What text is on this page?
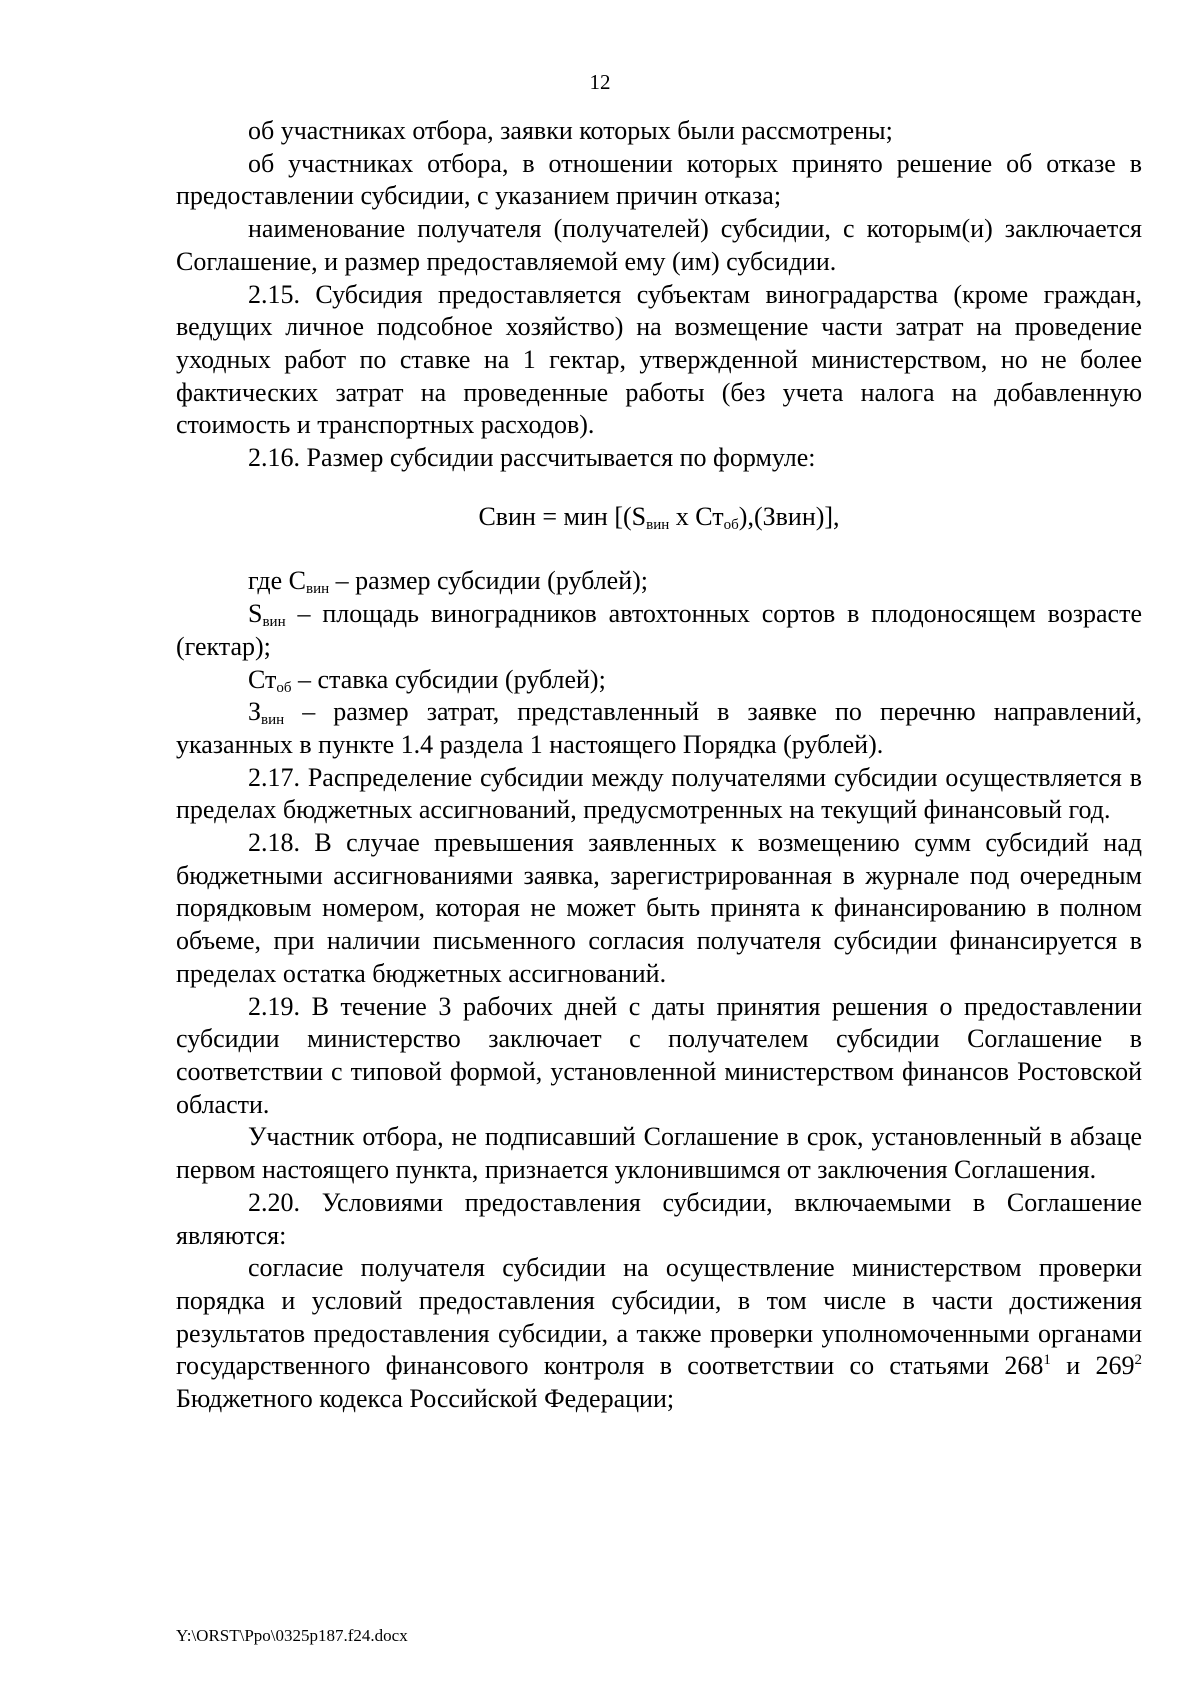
12

об участниках отбора, заявки которых были рассмотрены;

об участниках отбора, в отношении которых принято решение об отказе в предоставлении субсидии, с указанием причин отказа;

наименование получателя (получателей) субсидии, с которым(и) заключается Соглашение, и размер предоставляемой ему (им) субсидии.

2.15. Субсидия предоставляется субъектам виноградарства (кроме граждан, ведущих личное подсобное хозяйство) на возмещение части затрат на проведение уходных работ по ставке на 1 гектар, утвержденной министерством, но не более фактических затрат на проведенные работы (без учета налога на добавленную стоимость и транспортных расходов).

2.16. Размер субсидии рассчитывается по формуле:

Свин = мин [($S_{вин}$ х $Ст_{об}),(Звин)$],

где $С_{вин}$ – размер субсидии (рублей);

$S_{вин}$ – площадь виноградников автохтонных сортов в плодоносящем возрасте (гектар);

$Ст_{об}$ – ставка субсидии (рублей);

$З_{вин}$ – размер затрат, представленный в заявке по перечню направлений, указанных в пункте 1.4 раздела 1 настоящего Порядка (рублей).

2.17. Распределение субсидии между получателями субсидии осуществляется в пределах бюджетных ассигнований, предусмотренных на текущий финансовый год.

2.18. В случае превышения заявленных к возмещению сумм субсидий над бюджетными ассигнованиями заявка, зарегистрированная в журнале под очередным порядковым номером, которая не может быть принята к финансированию в полном объеме, при наличии письменного согласия получателя субсидии финансируется в пределах остатка бюджетных ассигнований.

2.19. В течение 3 рабочих дней с даты принятия решения о предоставлении субсидии министерство заключает с получателем субсидии Соглашение в соответствии с типовой формой, установленной министерством финансов Ростовской области.

Участник отбора, не подписавший Соглашение в срок, установленный в абзаце первом настоящего пункта, признается уклонившимся от заключения Соглашения.

2.20. Условиями предоставления субсидии, включаемыми в Соглашение являются:

согласие получателя субсидии на осуществление министерством проверки порядка и условий предоставления субсидии, в том числе в части достижения результатов предоставления субсидии, а также проверки уполномоченными органами государственного финансового контроля в соответствии со статьями $268^1$ и $269^2$ Бюджетного кодекса Российской Федерации;

Y:\ORST\Ppo\0325p187.f24.docx
